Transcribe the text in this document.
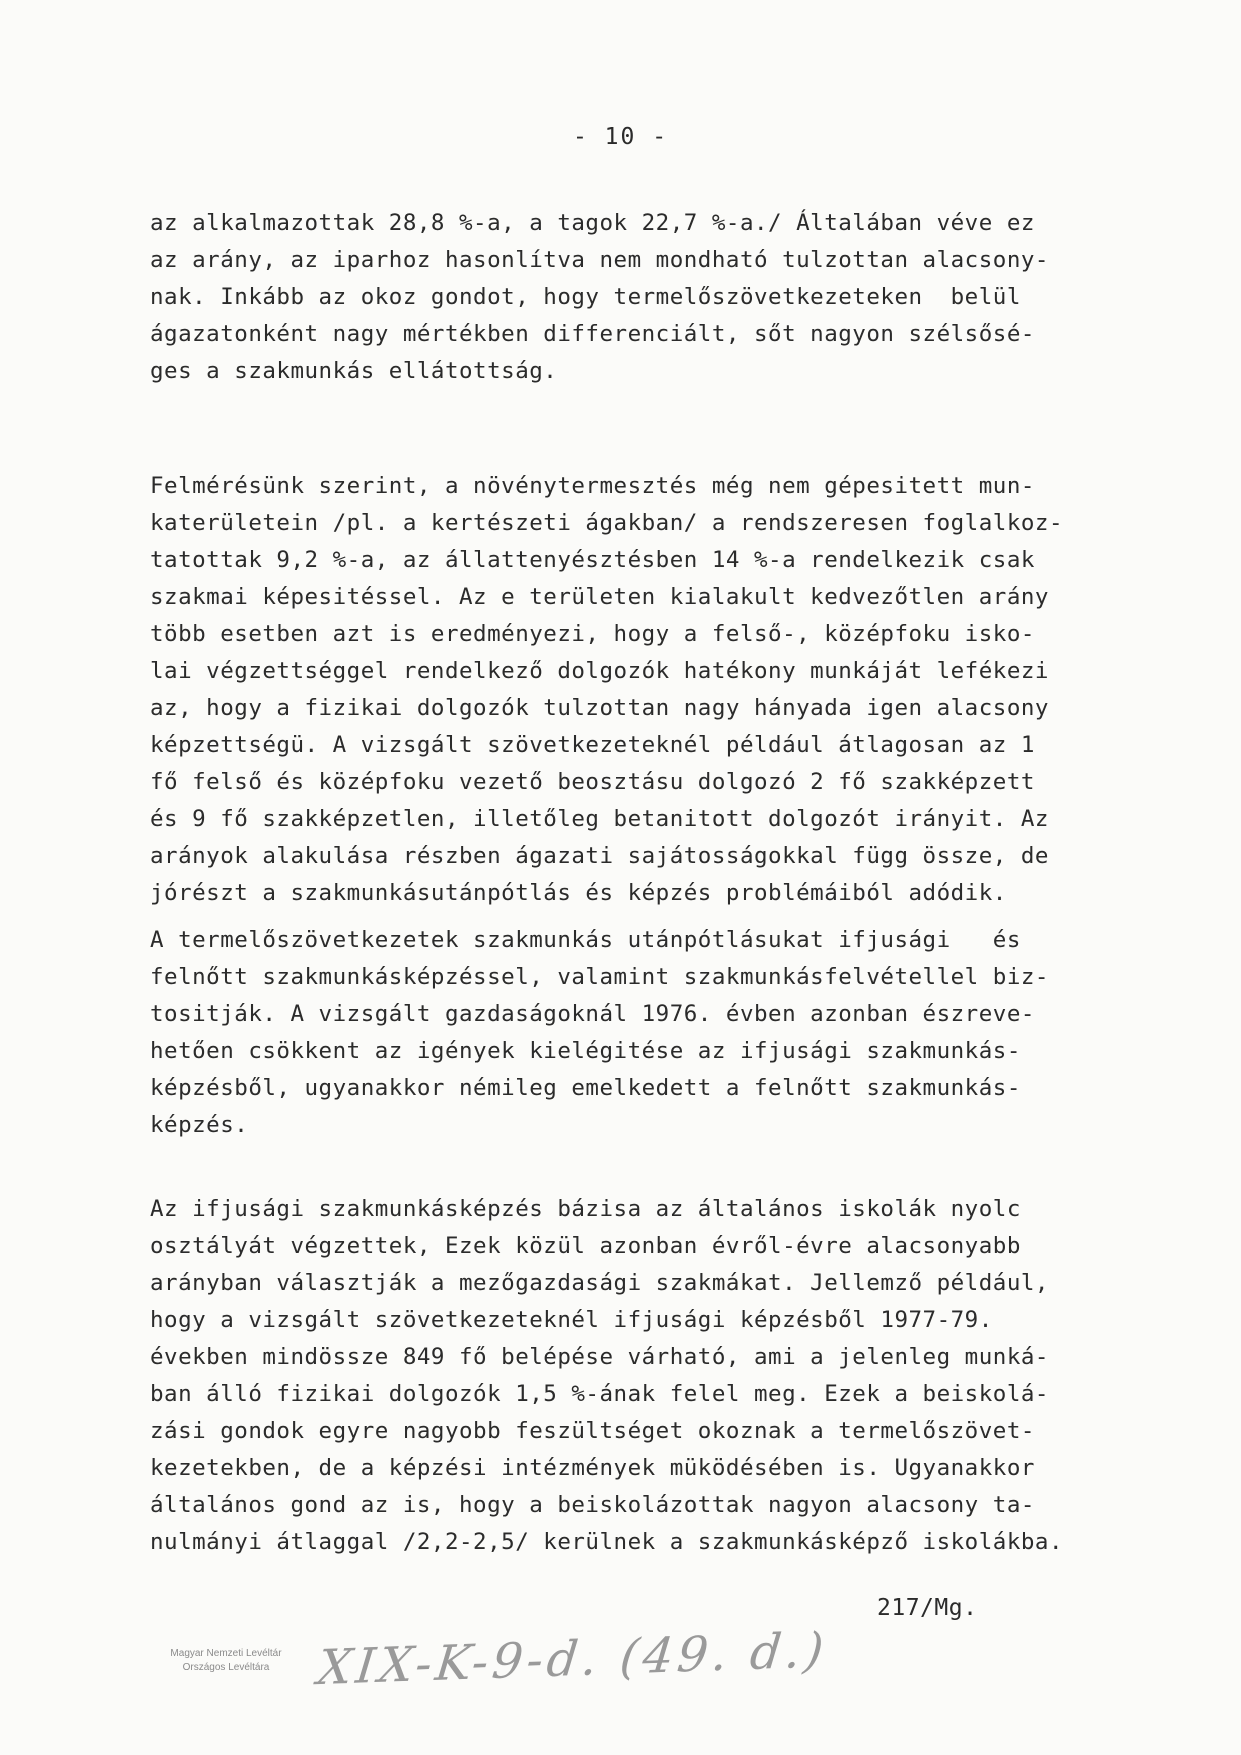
- 10 -
az alkalmazottak 28,8 %-a, a tagok 22,7 %-a./ Általában véve ez
az arány, az iparhoz hasonlítva nem mondható tulzottan alacsony-
nak. Inkább az okoz gondot, hogy termelőszövetkezeteken  belül
ágazatonként nagy mértékben differenciált, sőt nagyon szélsősé-
ges a szakmunkás ellátottság.
Felmérésünk szerint, a növénytermesztés még nem gépesitett mun-
katerületein /pl. a kertészeti ágakban/ a rendszeresen foglalkoz-
tatottak 9,2 %-a, az állattenyésztésben 14 %-a rendelkezik csak
szakmai képesitéssel. Az e területen kialakult kedvezőtlen arány
több esetben azt is eredményezi, hogy a felső-, középfoku isko-
lai végzettséggel rendelkező dolgozók hatékony munkáját lefékezi
az, hogy a fizikai dolgozók tulzottan nagy hányada igen alacsony
képzettségü. A vizsgált szövetkezeteknél például átlagosan az 1
fő felső és középfoku vezető beosztásu dolgozó 2 fő szakképzett
és 9 fő szakképzetlen, illetőleg betanitott dolgozót irányit. Az
arányok alakulása részben ágazati sajátosságokkal függ össze, de
jórészt a szakmunkásutánpótlás és képzés problémáiból adódik.
A termelőszövetkezetek szakmunkás utánpótlásukat ifjusági   és
felnőtt szakmunkásképzéssel, valamint szakmunkásfelvétellel biz-
tositják. A vizsgált gazdaságoknál 1976. évben azonban észreve-
hetően csökkent az igények kielégitése az ifjusági szakmunkás-
képzésből, ugyanakkor némileg emelkedett a felnőtt szakmunkás-
képzés.
Az ifjusági szakmunkásképzés bázisa az általános iskolák nyolc
osztályát végzettek, Ezek közül azonban évről-évre alacsonyabb
arányban választják a mezőgazdasági szakmákat. Jellemző például,
hogy a vizsgált szövetkezeteknél ifjusági képzésből 1977-79.
években mindössze 849 fő belépése várható, ami a jelenleg munká-
ban álló fizikai dolgozók 1,5 %-ának felel meg. Ezek a beiskolá-
zási gondok egyre nagyobb feszültséget okoznak a termelőszövet-
kezetekben, de a képzési intézmények müködésében is. Ugyanakkor
általános gond az is, hogy a beiskolázottak nagyon alacsony ta-
nulmányi átlaggal /2,2-2,5/ kerülnek a szakmunkásképző iskolákba.
217/Mg.
Magyar Nemzeti Levéltár
Országos Levéltára XIX-K-9-d. (49. d.)
